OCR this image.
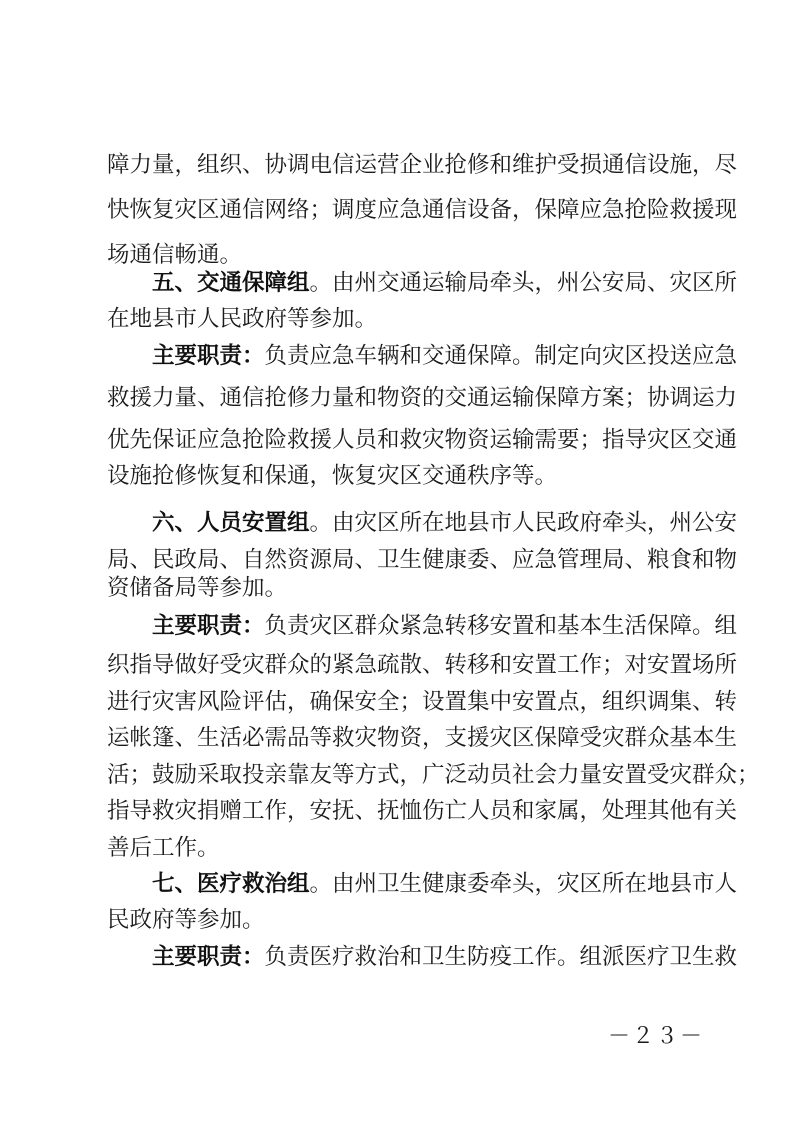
障力量，组织、协调电信运营企业抢修和维护受损通信设施，尽
快恢复灾区通信网络；调度应急通信设备，保障应急抢险救援现
场通信畅通。
五、交通保障组。由州交通运输局牵头，州公安局、灾区所
在地县市人民政府等参加。
主要职责：负责应急车辆和交通保障。制定向灾区投送应急
救援力量、通信抢修力量和物资的交通运输保障方案；协调运力
优先保证应急抢险救援人员和救灾物资运输需要；指导灾区交通
设施抢修恢复和保通，恢复灾区交通秩序等。
六、人员安置组。由灾区所在地县市人民政府牵头，州公安
局、民政局、自然资源局、卫生健康委、应急管理局、粮食和物
资储备局等参加。
主要职责：负责灾区群众紧急转移安置和基本生活保障。组
织指导做好受灾群众的紧急疏散、转移和安置工作；对安置场所
进行灾害风险评估，确保安全；设置集中安置点，组织调集、转
运帐篷、生活必需品等救灾物资，支援灾区保障受灾群众基本生
活；鼓励采取投亲靠友等方式，广泛动员社会力量安置受灾群众；
指导救灾捐赠工作，安抚、抚恤伤亡人员和家属，处理其他有关
善后工作。
七、医疗救治组。由州卫生健康委牵头，灾区所在地县市人
民政府等参加。
主要职责：负责医疗救治和卫生防疫工作。组派医疗卫生救
－２３－
